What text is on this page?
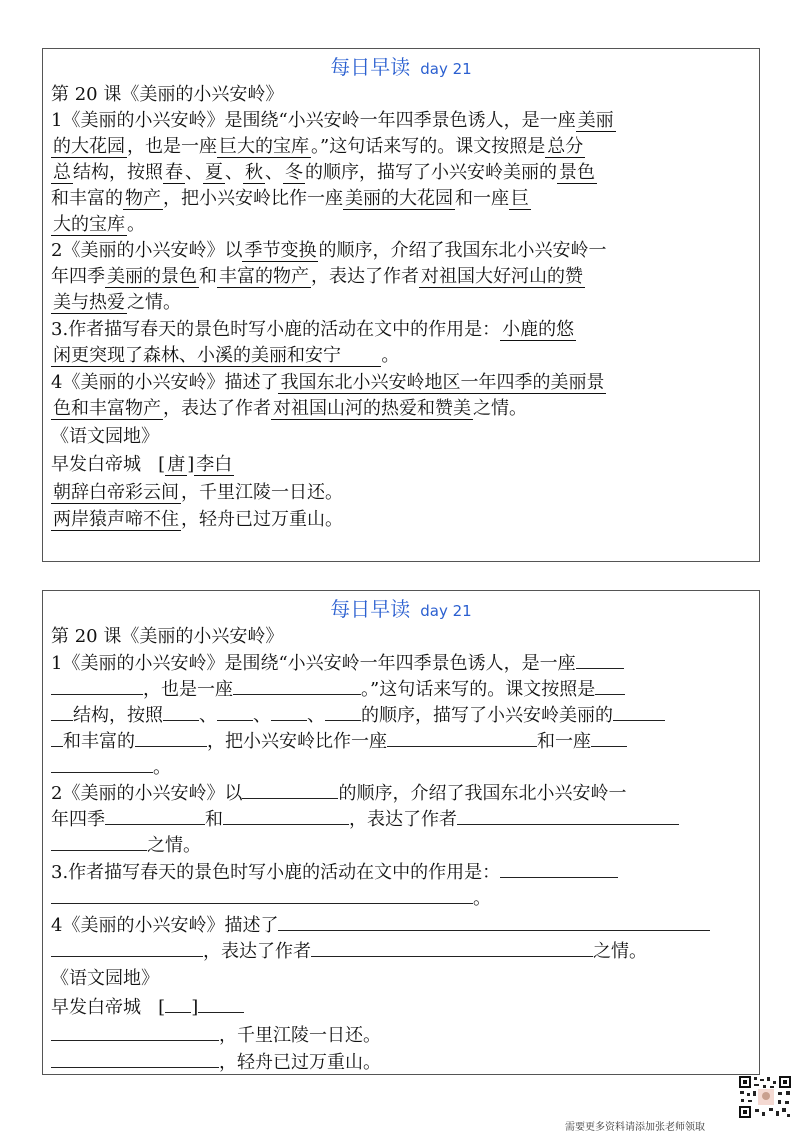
每日早读 day 21
第 20 课《美丽的小兴安岭》
1《美丽的小兴安岭》是围绕“小兴安岭一年四季景色诱人，是一座 美丽
的大花园 ，也是一座 巨大的宝库 。”这句话来写的。课文按照是 总分
总 结构，按照 春 、 夏 、 秋 、 冬 的顺序，描写了小兴安岭美丽的 景色
和丰富的 物产 ，把小兴安岭比作一座 美丽的大花园 和一座 巨
大的宝库 。
2《美丽的小兴安岭》以 季节变换 的顺序，介绍了我国东北小兴安岭一
年四季 美丽的景色 和 丰富的物产 ，表达了作者 对祖国大好河山的赞
美与热爱 之情。
3.作者描写春天的景色时写小鹿的活动在文中的作用是： 小鹿的悠
闲更突现了森林、小溪的美丽和安宁 。
4《美丽的小兴安岭》描述了 我国东北小兴安岭地区一年四季的美丽景
色和丰富物产 ，表达了作者 对祖国山河的热爱和赞美 之情。
《语文园地》
早发白帝城   [ 唐 ] 李白
朝辞白帝彩云间 ，千里江陵一日还。
两岸猿声啼不住 ，轻舟已过万重山。
每日早读 day 21
第 20 课《美丽的小兴安岭》
1《美丽的小兴安岭》是围绕“小兴安岭一年四季景色诱人，是一座
，也是一座	。”这句话来写的。课文按照是
结构，按照 、 、 、 的顺序，描写了小兴安岭美丽的
和丰富的	，把小兴安岭比作一座	和一座
。
2《美丽的小兴安岭》以	的顺序，介绍了我国东北小兴安岭一
年四季	和	，表达了作者
之情。
3.作者描写春天的景色时写小鹿的活动在文中的作用是：
。
4《美丽的小兴安岭》描述了
，表达了作者	之情。
《语文园地》
早发白帝城   [ ]
，千里江陵一日还。
，轻舟已过万重山。
需要更多资料请添加张老师领取
